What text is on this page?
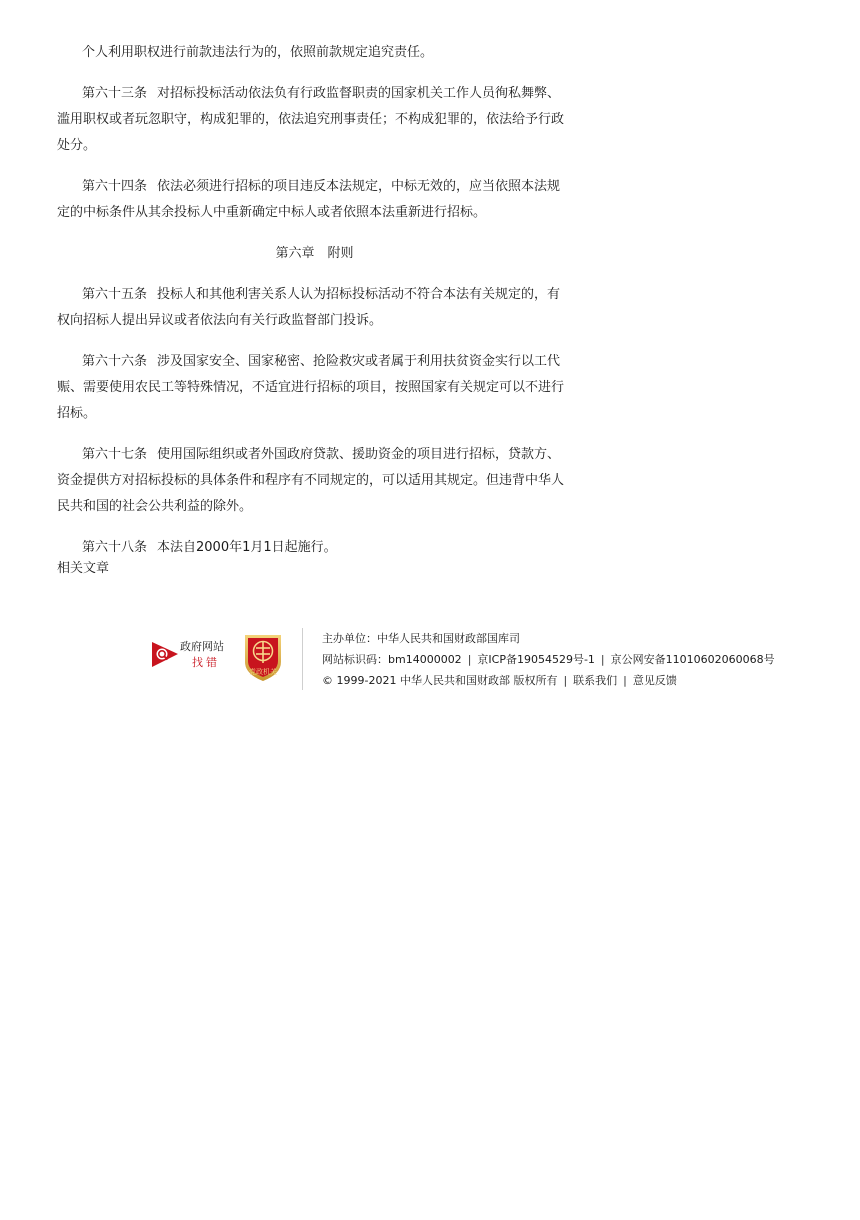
个人利用职权进行前款违法行为的，依照前款规定追究责任。

第六十三条 对招标投标活动依法负有行政监督职责的国家机关工作人员徇私舞弊、滥用职权或者玩忽职守，构成犯罪的，依法追究刑事责任；不构成犯罪的，依法给予行政处分。

第六十四条 依法必须进行招标的项目违反本法规定，中标无效的，应当依照本法规定的中标条件从其余投标人中重新确定中标人或者依照本法重新进行招标。

第六章　附则

第六十五条 投标人和其他利害关系人认为招标投标活动不符合本法有关规定的，有权向招标人提出异议或者依法向有关行政监督部门投诉。

第六十六条 涉及国家安全、国家秘密、抢险救灾或者属于利用扶贫资金实行以工代赈、需要使用农民工等特殊情况，不适宜进行招标的项目，按照国家有关规定可以不进行招标。

第六十七条 使用国际组织或者外国政府贷款、援助资金的项目进行招标，贷款方、资金提供方对招标投标的具体条件和程序有不同规定的，可以适用其规定。但违背中华人民共和国的社会公共利益的除外。

第六十八条 本法自2000年1月1日起施行。

相关文章
政府网站
找错
党政机关
主办单位：中华人民共和国财政部国库司
网站标识码：bm14000002 | 京ICP备19054529号-1 | 京公网安备11010602060068号
© 1999-2021 中华人民共和国财政部 版权所有 | 联系我们 | 意见反馈
